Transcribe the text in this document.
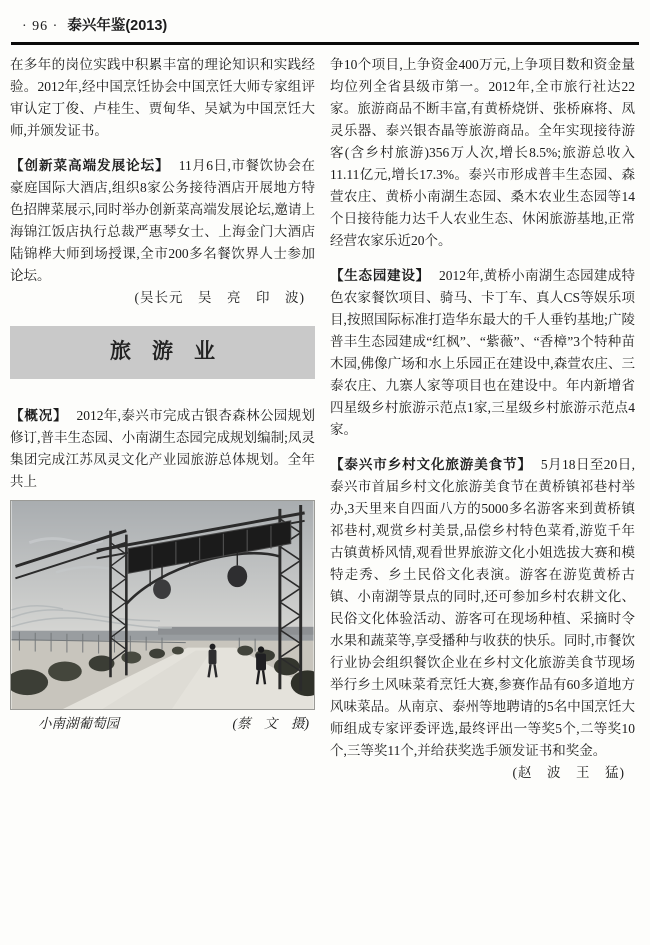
· 96 · 泰兴年鉴(2013)

在多年的岗位实践中积累丰富的理论知识和实践经验。2012年,经中国烹饪协会中国烹饪大师专家组评审认定丁俊、卢桂生、贾甸华、吴斌为中国烹饪大师,并颁发证书。

【创新菜高端发展论坛】 11月6日,市餐饮协会在豪庭国际大酒店,组织8家公务接待酒店开展地方特色招牌菜展示,同时举办创新菜高端发展论坛,邀请上海锦江饭店执行总裁严惠琴女士、上海金门大酒店陆锦桦大师到场授课,全市200多名餐饮界人士参加论坛。

(吴长元　吴　亮　印　波)

旅　游　业

【概况】 2012年,泰兴市完成古银杏森林公园规划修订,普丰生态园、小南湖生态园完成规划编制;凤灵集团完成江苏凤灵文化产业园旅游总体规划。全年共上

小南湖葡萄园	(蔡　文　摄)

争10个项目,上争资金400万元,上争项目数和资金量均位列全省县级市第一。2012年,全市旅行社达22家。旅游商品不断丰富,有黄桥烧饼、张桥麻将、凤灵乐器、泰兴银杏晶等旅游商品。全年实现接待游客(含乡村旅游)356万人次,增长8.5%;旅游总收入11.11亿元,增长17.3%。泰兴市形成普丰生态园、森萱农庄、黄桥小南湖生态园、桑木农业生态园等14个日接待能力达千人农业生态、休闲旅游基地,正常经营农家乐近20个。

【生态园建设】 2012年,黄桥小南湖生态园建成特色农家餐饮项目、骑马、卡丁车、真人CS等娱乐项目,按照国际标准打造华东最大的千人垂钓基地;广陵普丰生态园建成“红枫”、“紫薇”、“香樟”3个特种苗木园,佛像广场和水上乐园正在建设中,森萱农庄、三泰农庄、九寨人家等项目也在建设中。年内新增省四星级乡村旅游示范点1家,三星级乡村旅游示范点4家。

【泰兴市乡村文化旅游美食节】 5月18日至20日,泰兴市首届乡村文化旅游美食节在黄桥镇祁巷村举办,3天里来自四面八方的5000多名游客来到黄桥镇祁巷村,观赏乡村美景,品偿乡村特色菜肴,游览千年古镇黄桥风情,观看世界旅游文化小姐选拔大赛和模特走秀、乡土民俗文化表演。游客在游览黄桥古镇、小南湖等景点的同时,还可参加乡村农耕文化、民俗文化体验活动、游客可在现场种植、采摘时令水果和蔬菜等,享受播种与收获的快乐。同时,市餐饮行业协会组织餐饮企业在乡村文化旅游美食节现场举行乡土风味菜肴烹饪大赛,参赛作品有60多道地方风味菜品。从南京、泰州等地聘请的5名中国烹饪大师组成专家评委评选,最终评出一等奖5个,二等奖10个,三等奖11个,并给获奖选手颁发证书和奖金。

(赵　波　王　猛)
